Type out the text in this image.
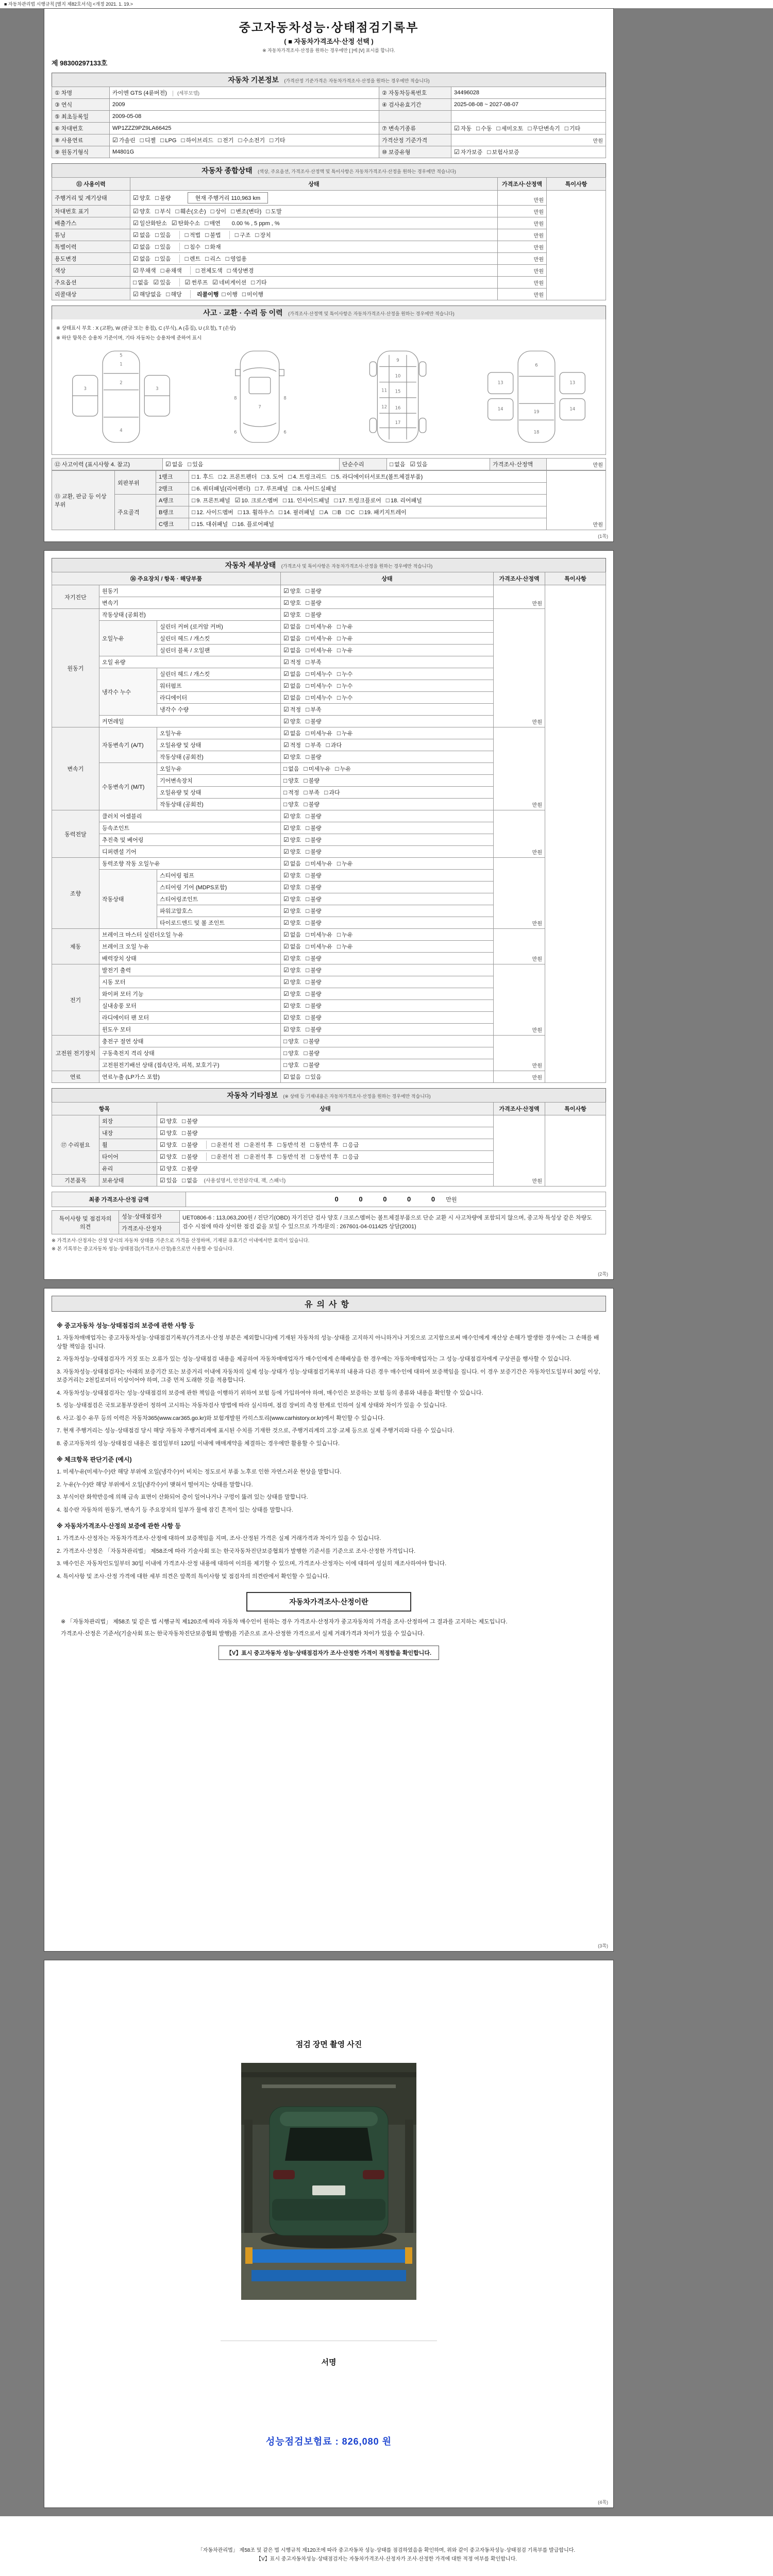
■ 자동차관리법 시행규칙 [별지 제82호서식] <개정 2021. 1. 19.>
중고자동차성능·상태점검기록부
( ■ 자동차가격조사·산정 선택 )
※ 자동차가격조사·산정을 원하는 경우에만 [ ]에 [V] 표시를 합니다.
제 98300297133호
자동차 기본정보 (가격산정 기준가격은 자동차가격조사·산정을 원하는 경우에만 적습니다)
① 차명	카이엔 GTS (4륜버전) (세부모델)	② 자동차등록번호	34496028
③ 연식	2009	④ 검사유효기간	2025-08-08 ~ 2027-08-07
⑤ 최초등록일	2009-05-08		
⑥ 차대번호	WP1ZZZ9PZ9LA66425	⑦ 변속기종류	☑ 자동 □ 수동 □ 세미오토 □ 무단변속기 □ 기타
⑧ 사용연료	☑ 가솔린 □ 디젤 □ LPG □ 하이브리드 □ 전기 □ 수소전기 □ 기타	가격산정 기준가격	만원
⑨ 원동기형식	M4801G	⑩ 보증유형	☑ 자가보증 □ 보험사보증
자동차 종합상태 (색상, 주요옵션, 가격조사·산정액 및 특이사항은 자동차가격조사·산정을 원하는 경우에만 적습니다)
⑪ 사용이력	상태	가격조사·산정액	특이사항
주행거리 및 계기상태	☑ 양호 □ 불량 현재 주행거리 110,963 km	만원	
차대번호 표기	☑ 양호 □ 부식 □ 훼손(오손) □ 상이 □ 변조(변타) □ 도말	만원	
배출가스	☑ 일산화탄소 ☑ 탄화수소 □ 매연 0.00 % , 5 ppm , %	만원	
튜닝	☑ 없음 □ 있음 □ 적법 □ 불법 □ 구조 □ 장치	만원	
특별이력	☑ 없음 □ 있음 □ 침수 □ 화재	만원	
용도변경	☑ 없음 □ 있음 □ 렌트 □ 리스 □ 영업용	만원	
색상	☑ 무채색 □ 유채색 □ 전체도색 □ 색상변경	만원	
주요옵션	□ 없음 ☑ 있음 ☑ 썬루프 ☑ 네비게이션 □ 기타	만원	
리콜대상	☑ 해당없음 □ 해당 리콜이행 □ 이행 □ 미이행	만원	
사고 · 교환 · 수리 등 이력 (가격조사·산정액 및 특이사항은 자동차가격조사·산정을 원하는 경우에만 적습니다)
※ 상태표시 부호 : X (교환), W (판금 또는 용접), C (부식), A (흠집), U (요철), T (손상)
※ 하단 항목은 승용차 기준이며, 기타 자동차는 승용차에 준하여 표시
1
2
3	3
4
5
7
6	6
8	8
9
10
11 15
12 16
17
13	13
14	14
19
18
6
⑫ 사고이력 (표시사항 4. 참고)	☑ 없음 □ 있음	단순수리	□ 없음 ☑ 있음	가격조사·산정액	만원
⑬ 교환, 판금 등 이상 부위	외판부위	1랭크	□ 1. 후드 □ 2. 프론트펜더 □ 3. 도어 □ 4. 트렁크리드 □ 5. 라디에이터서포트(볼트체결부품)	만원
		2랭크	□ 6. 쿼터패널(리어펜더) □ 7. 루프패널 □ 8. 사이드실패널	
	주요골격	A랭크	□ 9. 프론트패널 ☑ 10. 크로스멤버 □ 11. 인사이드패널 □ 17. 트렁크플로어 □ 18. 리어패널	
		B랭크	□ 12. 사이드멤버 □ 13. 휠하우스 □ 14. 필러패널 □ A □ B □ C □ 19. 패키지트레이	
		C랭크	□ 15. 대쉬패널 □ 16. 플로어패널	
(1쪽)
자동차 세부상태 (가격조사 및 특이사항은 자동차가격조사·산정을 원하는 경우에만 적습니다)
⑯ 주요장치 / 항목 · 해당부품			상태	가격조사·산정액	특이사항
자기진단	원동기		☑ 양호 □ 불량	만원	
	변속기		☑ 양호 □ 불량		
원동기	작동상태 (공회전)		☑ 양호 □ 불량	만원	
	오일누유	실린더 커버 (로커암 커버)	☑ 없음 □ 미세누유 □ 누유		
		실린더 헤드 / 개스킷	☑ 없음 □ 미세누유 □ 누유		
		실린더 블록 / 오일팬	☑ 없음 □ 미세누유 □ 누유		
	오일 유량		☑ 적정 □ 부족		
	냉각수 누수	실린더 헤드 / 개스킷	☑ 없음 □ 미세누수 □ 누수		
		워터펌프	☑ 없음 □ 미세누수 □ 누수		
		라디에이터	☑ 없음 □ 미세누수 □ 누수		
		냉각수 수량	☑ 적정 □ 부족		
	커먼레일		☑ 양호 □ 불량		
변속기	자동변속기 (A/T)	오일누유	☑ 없음 □ 미세누유 □ 누유	만원	
		오일유량 및 상태	☑ 적정 □ 부족 □ 과다		
		작동상태 (공회전)	☑ 양호 □ 불량		
	수동변속기 (M/T)	오일누유	□ 없음 □ 미세누유 □ 누유		
		기어변속장치	□ 양호 □ 불량		
		오일유량 및 상태	□ 적정 □ 부족 □ 과다		
		작동상태 (공회전)	□ 양호 □ 불량		
동력전달	클러치 어셈블리		☑ 양호 □ 불량	만원	
	등속조인트		☑ 양호 □ 불량		
	추진축 및 베어링		☑ 양호 □ 불량		
	디퍼렌셜 기어		☑ 양호 □ 불량		
조향	동력조향 작동 오일누유		☑ 없음 □ 미세누유 □ 누유	만원	
	작동상태	스티어링 펌프	☑ 양호 □ 불량		
		스티어링 기어 (MDPS포함)	☑ 양호 □ 불량		
		스티어링조인트	☑ 양호 □ 불량		
		파워고압호스	☑ 양호 □ 불량		
		타이로드엔드 및 볼 조인트	☑ 양호 □ 불량		
제동	브레이크 마스터 실린더오일 누유		☑ 없음 □ 미세누유 □ 누유	만원	
	브레이크 오일 누유		☑ 없음 □ 미세누유 □ 누유		
	배력장치 상태		☑ 양호 □ 불량		
전기	발전기 출력		☑ 양호 □ 불량	만원	
	시동 모터		☑ 양호 □ 불량		
	와이퍼 모터 기능		☑ 양호 □ 불량		
	실내송풍 모터		☑ 양호 □ 불량		
	라디에이터 팬 모터		☑ 양호 □ 불량		
	윈도우 모터		☑ 양호 □ 불량		
고전원 전기장치	충전구 절연 상태		□ 양호 □ 불량	만원	
	구동축전지 격리 상태		□ 양호 □ 불량		
	고전원전기배선 상태 (접속단자, 피복, 보호기구)		□ 양호 □ 불량		
연료	연료누출 (LP가스 포함)		☑ 없음 □ 있음	만원	
자동차 기타정보 (※ 상태 등 기재내용은 자동차가격조사·산정을 원하는 경우에만 적습니다)
항목		상태	가격조사·산정액	특이사항
⑰ 수리필요	외장	☑ 양호 □ 불량	만원	
	내장	☑ 양호 □ 불량		
	휠	☑ 양호 □ 불량 □ 운전석 전 □ 운전석 후 □ 동반석 전 □ 동반석 후 □ 응급		
	타이어	☑ 양호 □ 불량 □ 운전석 전 □ 운전석 후 □ 동반석 전 □ 동반석 후 □ 응급		
	유리	☑ 양호 □ 불량		
기본품목	보유상태	☑ 있음 □ 없음 (사용설명서, 안전삼각대, 잭, 스패너)		
최종 가격조사·산정 금액	0 0 0 0 0 만원
특이사항 및 점검자의 의견	성능·상태점검자	UET0806-6 : 113,063,200원 / 진단기(OBD) 자기진단 검사 양호 / 크로스멤버는 볼트체결부품으로 단순 교환 시 사고차량에 포함되지 않으며, 중고차 특성상 같은 차량도 검수 시점에 따라 상이한 점검 값을 보일 수 있으므로 가격/문의 : 267601-04-011425 상담(2001)
가격조사·산정자
※ 가격조사·산정자는 산정 당시의 자동차 상태를 기준으로 가격을 산정하며, 기재된 유효기간 이내에서만 효력이 있습니다.
※ 본 기록부는 중고자동차 성능·상태점검(가격조사·산정)용으로만 사용할 수 있습니다.
(2쪽)
유의사항
※ 중고자동차 성능·상태점검의 보증에 관한 사항 등
1. 자동차매매업자는 중고자동차성능·상태점검기록부(가격조사·산정 부분은 제외합니다)에 기재된 자동차의 성능·상태를 고지하지 아니하거나 거짓으로 고지함으로써 매수인에게 재산상 손해가 발생한 경우에는 그 손해를 배상할 책임을 집니다.
2. 자동차성능·상태점검자가 거짓 또는 오류가 있는 성능·상태점검 내용을 제공하여 자동차매매업자가 매수인에게 손해배상을 한 경우에는 자동차매매업자는 그 성능·상태점검자에게 구상권을 행사할 수 있습니다.
3. 자동차성능·상태점검자는 아래의 보증기간 또는 보증거리 이내에 자동차의 실제 성능·상태가 성능·상태점검기록부의 내용과 다른 경우 매수인에 대하여 보증책임을 집니다. 이 경우 보증기간은 자동차인도일부터 30일 이상, 보증거리는 2천킬로미터 이상이어야 하며, 그중 먼저 도래한 것을 적용합니다.
4. 자동차성능·상태점검자는 성능·상태점검의 보증에 관한 책임을 이행하기 위하여 보험 등에 가입하여야 하며, 매수인은 보증하는 보험 등의 종류와 내용을 확인할 수 있습니다.
5. 성능·상태점검은 국토교통부장관이 정하여 고시하는 자동차검사 방법에 따라 실시하며, 점검 장비의 측정 한계로 인하여 실제 상태와 차이가 있을 수 있습니다.
6. 사고·침수 유무 등의 이력은 자동차365(www.car365.go.kr)와 보험개발원 카히스토리(www.carhistory.or.kr)에서 확인할 수 있습니다.
7. 현재 주행거리는 성능·상태점검 당시 해당 자동차 주행거리계에 표시된 수치를 기재한 것으로, 주행거리계의 고장·교체 등으로 실제 주행거리와 다를 수 있습니다.
8. 중고자동차의 성능·상태점검 내용은 점검일부터 120일 이내에 매매계약을 체결하는 경우에만 활용할 수 있습니다.
※ 체크항목 판단기준 (예시)
1. 미세누유(미세누수)란 해당 부위에 오일(냉각수)이 비치는 정도로서 부품 노후로 인한 자연스러운 현상을 말합니다.
2. 누유(누수)란 해당 부위에서 오일(냉각수)이 맺혀서 떨어지는 상태를 말합니다.
3. 부식이란 화학반응에 의해 금속 표면이 산화되어 층이 일어나거나 구멍이 뚫려 있는 상태를 말합니다.
4. 침수란 자동차의 원동기, 변속기 등 주요장치의 일부가 물에 잠긴 흔적이 있는 상태를 말합니다.
※ 자동차가격조사·산정의 보증에 관한 사항 등
1. 가격조사·산정자는 자동차가격조사·산정에 대하여 보증책임을 지며, 조사·산정된 가격은 실제 거래가격과 차이가 있을 수 있습니다.
2. 가격조사·산정은 「자동차관리법」 제58조에 따라 기술사회 또는 한국자동차진단보증협회가 발행한 기준서를 기준으로 조사·산정한 가격입니다.
3. 매수인은 자동차인도일부터 30일 이내에 가격조사·산정 내용에 대하여 이의를 제기할 수 있으며, 가격조사·산정자는 이에 대하여 성실히 재조사하여야 합니다.
4. 특이사항 및 조사·산정 가격에 대한 세부 의견은 앞쪽의 특이사항 및 점검자의 의견란에서 확인할 수 있습니다.
자동차가격조사·산정이란

※ 「자동차관리법」 제58조 및 같은 법 시행규칙 제120조에 따라 자동차 매수인이 원하는 경우 가격조사·산정자가 중고자동차의 가격을 조사·산정하여 그 결과를 고지하는 제도입니다.

가격조사·산정은 기준서(기술사회 또는 한국자동차진단보증협회 발행)를 기준으로 조사·산정한 가격으로서 실제 거래가격과 차이가 있을 수 있습니다.

【V】표시 중고자동차 성능·상태점검자가 조사·산정한 가격이 적정함을 확인합니다.
(3쪽)
점검 장면 촬영 사진
서명
성능점검보험료 : 826,080 원
(4쪽)
「자동차관리법」 제58조 및 같은 법 시행규칙 제120조에 따라 중고자동차 성능·상태를 점검하였음을 확인하며, 위와 같이 중고자동차성능·상태점검 기록부를 발급합니다.
【V】표시 중고자동차성능·상태점검자는 자동차가격조사·산정자가 조사·산정한 가격에 대한 적정 여부를 확인합니다.
